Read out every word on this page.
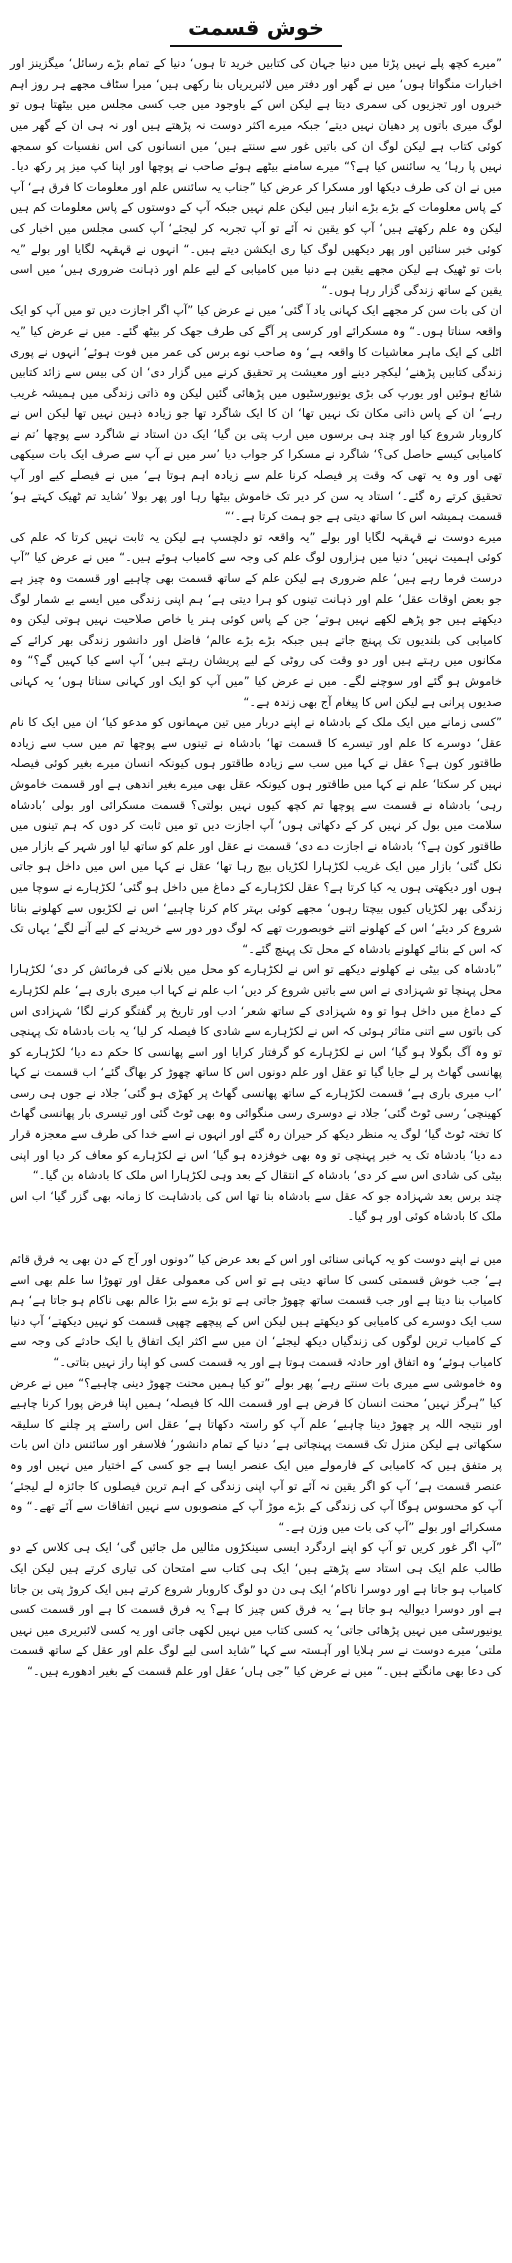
خوش قسمت

”میرے کچھ پلے نہیں پڑتا میں دنیا جہان کی کتابیں خرید تا ہوں‘ دنیا کے تمام بڑے رسائل‘ میگزینز اور اخبارات منگواتا ہوں‘ میں نے گھر اور دفتر میں لائبریریاں بنا رکھی ہیں‘ میرا سٹاف مجھے ہر روز اہم خبروں اور تجزیوں کی سمری دیتا ہے لیکن اس کے باوجود میں جب کسی مجلس میں بیٹھتا ہوں تو لوگ میری باتوں پر دھیان نہیں دیتے‘ جبکہ میرے اکثر دوست نہ پڑھتے ہیں اور نہ ہی ان کے گھر میں کوئی کتاب ہے لیکن لوگ ان کی باتیں غور سے سنتے ہیں‘ میں انسانوں کی اس نفسیات کو سمجھ نہیں پا رہا‘ یہ سائنس کیا ہے؟“ میرے سامنے بیٹھے ہوئے صاحب نے پوچھا اور اپنا کپ میز پر رکھ دیا۔ میں نے ان کی طرف دیکھا اور مسکرا کر عرض کیا ”جناب یہ سائنس علم اور معلومات کا فرق ہے‘ آپ کے پاس معلومات کے بڑے بڑے انبار ہیں لیکن علم نہیں جبکہ آپ کے دوستوں کے پاس معلومات کم ہیں لیکن وہ علم رکھتے ہیں‘ آپ کو یقین نہ آئے تو آپ تجربہ کر لیجئے‘ آپ کسی مجلس میں اخبار کی کوئی خبر سنائیں اور پھر دیکھیں لوگ کیا ری ایکشن دیتے ہیں۔“ انہوں نے قہقہہ لگایا اور بولے ”یہ بات تو ٹھیک ہے لیکن مجھے یقین ہے دنیا میں کامیابی کے لیے علم اور ذہانت ضروری ہیں‘ میں اسی یقین کے ساتھ زندگی گزار رہا ہوں۔“

ان کی بات سن کر مجھے ایک کہانی یاد آ گئی‘ میں نے عرض کیا ”آپ اگر اجازت دیں تو میں آپ کو ایک واقعہ سناتا ہوں۔“ وہ مسکرائے اور کرسی پر آگے کی طرف جھک کر بیٹھ گئے۔ میں نے عرض کیا ”یہ اٹلی کے ایک ماہر معاشیات کا واقعہ ہے‘ وہ صاحب نوے برس کی عمر میں فوت ہوئے‘ انہوں نے پوری زندگی کتابیں پڑھنے‘ لیکچر دینے اور معیشت پر تحقیق کرنے میں گزار دی‘ ان کی بیس سے زائد کتابیں شائع ہوئیں اور یورپ کی بڑی یونیورسٹیوں میں پڑھائی گئیں لیکن وہ ذاتی زندگی میں ہمیشہ غریب رہے‘ ان کے پاس ذاتی مکان تک نہیں تھا‘ ان کا ایک شاگرد تھا جو زیادہ ذہین نہیں تھا لیکن اس نے کاروبار شروع کیا اور چند ہی برسوں میں ارب پتی بن گیا‘ ایک دن استاد نے شاگرد سے پوچھا ’تم نے کامیابی کیسے حاصل کی؟‘ شاگرد نے مسکرا کر جواب دیا ’سر میں نے آپ سے صرف ایک بات سیکھی تھی اور وہ یہ تھی کہ وقت پر فیصلہ کرنا علم سے زیادہ اہم ہوتا ہے‘ میں نے فیصلے کیے اور آپ تحقیق کرتے رہ گئے۔‘ استاد یہ سن کر دیر تک خاموش بیٹھا رہا اور پھر بولا ’شاید تم ٹھیک کہتے ہو‘ قسمت ہمیشہ اس کا ساتھ دیتی ہے جو ہمت کرتا ہے۔‘“

میرے دوست نے قہقہہ لگایا اور بولے ”یہ واقعہ تو دلچسپ ہے لیکن یہ ثابت نہیں کرتا کہ علم کی کوئی اہمیت نہیں‘ دنیا میں ہزاروں لوگ علم کی وجہ سے کامیاب ہوئے ہیں۔“ میں نے عرض کیا ”آپ درست فرما رہے ہیں‘ علم ضروری ہے لیکن علم کے ساتھ قسمت بھی چاہیے اور قسمت وہ چیز ہے جو بعض اوقات عقل‘ علم اور ذہانت تینوں کو ہرا دیتی ہے‘ ہم اپنی زندگی میں ایسے بے شمار لوگ دیکھتے ہیں جو پڑھے لکھے نہیں ہوتے‘ جن کے پاس کوئی ہنر یا خاص صلاحیت نہیں ہوتی لیکن وہ کامیابی کی بلندیوں تک پہنچ جاتے ہیں جبکہ بڑے بڑے عالم‘ فاضل اور دانشور زندگی بھر کرائے کے مکانوں میں رہتے ہیں اور دو وقت کی روٹی کے لیے پریشان رہتے ہیں‘ آپ اسے کیا کہیں گے؟“ وہ خاموش ہو گئے اور سوچنے لگے۔ میں نے عرض کیا ”میں آپ کو ایک اور کہانی سناتا ہوں‘ یہ کہانی صدیوں پرانی ہے لیکن اس کا پیغام آج بھی زندہ ہے۔“

”کسی زمانے میں ایک ملک کے بادشاہ نے اپنے دربار میں تین مہمانوں کو مدعو کیا‘ ان میں ایک کا نام عقل‘ دوسرے کا علم اور تیسرے کا قسمت تھا‘ بادشاہ نے تینوں سے پوچھا تم میں سب سے زیادہ طاقتور کون ہے؟ عقل نے کہا میں سب سے زیادہ طاقتور ہوں کیونکہ انسان میرے بغیر کوئی فیصلہ نہیں کر سکتا‘ علم نے کہا میں طاقتور ہوں کیونکہ عقل بھی میرے بغیر اندھی ہے اور قسمت خاموش رہی‘ بادشاہ نے قسمت سے پوچھا تم کچھ کیوں نہیں بولتی؟ قسمت مسکرائی اور بولی ’بادشاہ سلامت میں بول کر نہیں کر کے دکھاتی ہوں‘ آپ اجازت دیں تو میں ثابت کر دوں کہ ہم تینوں میں طاقتور کون ہے؟‘ بادشاہ نے اجازت دے دی‘ قسمت نے عقل اور علم کو ساتھ لیا اور شہر کے بازار میں نکل گئی‘ بازار میں ایک غریب لکڑہارا لکڑیاں بیچ رہا تھا‘ عقل نے کہا میں اس میں داخل ہو جاتی ہوں اور دیکھتی ہوں یہ کیا کرتا ہے؟ عقل لکڑہارے کے دماغ میں داخل ہو گئی‘ لکڑہارے نے سوچا میں زندگی بھر لکڑیاں کیوں بیچتا رہوں‘ مجھے کوئی بہتر کام کرنا چاہیے‘ اس نے لکڑیوں سے کھلونے بنانا شروع کر دیئے‘ اس کے کھلونے اتنے خوبصورت تھے کہ لوگ دور دور سے خریدنے کے لیے آنے لگے‘ یہاں تک کہ اس کے بنائے کھلونے بادشاہ کے محل تک پہنچ گئے۔“

”بادشاہ کی بیٹی نے کھلونے دیکھے تو اس نے لکڑہارے کو محل میں بلانے کی فرمائش کر دی‘ لکڑہارا محل پہنچا تو شہزادی نے اس سے باتیں شروع کر دیں‘ اب علم نے کہا اب میری باری ہے‘ علم لکڑہارے کے دماغ میں داخل ہوا تو وہ شہزادی کے ساتھ شعر‘ ادب اور تاریخ پر گفتگو کرنے لگا‘ شہزادی اس کی باتوں سے اتنی متاثر ہوئی کہ اس نے لکڑہارے سے شادی کا فیصلہ کر لیا‘ یہ بات بادشاہ تک پہنچی تو وہ آگ بگولا ہو گیا‘ اس نے لکڑہارے کو گرفتار کرایا اور اسے پھانسی کا حکم دے دیا‘ لکڑہارے کو پھانسی گھاٹ پر لے جایا گیا تو عقل اور علم دونوں اس کا ساتھ چھوڑ کر بھاگ گئے‘ اب قسمت نے کہا ’اب میری باری ہے‘ قسمت لکڑہارے کے ساتھ پھانسی گھاٹ پر کھڑی ہو گئی‘ جلاد نے جوں ہی رسی کھینچی‘ رسی ٹوٹ گئی‘ جلاد نے دوسری رسی منگوائی وہ بھی ٹوٹ گئی اور تیسری بار پھانسی گھاٹ کا تختہ ٹوٹ گیا‘ لوگ یہ منظر دیکھ کر حیران رہ گئے اور انہوں نے اسے خدا کی طرف سے معجزہ قرار دے دیا‘ بادشاہ تک یہ خبر پہنچی تو وہ بھی خوفزدہ ہو گیا‘ اس نے لکڑہارے کو معاف کر دیا اور اپنی بیٹی کی شادی اس سے کر دی‘ بادشاہ کے انتقال کے بعد وہی لکڑہارا اس ملک کا بادشاہ بن گیا۔“

چند برس بعد شہزادہ جو کہ عقل سے بادشاہ بنا تھا اس کی بادشاہت کا زمانہ بھی گزر گیا‘ اب اس ملک کا بادشاہ کوئی اور ہو گیا۔

میں نے اپنے دوست کو یہ کہانی سنائی اور اس کے بعد عرض کیا ”دونوں اور آج کے دن بھی یہ فرق قائم ہے‘ جب خوش قسمتی کسی کا ساتھ دیتی ہے تو اس کی معمولی عقل اور تھوڑا سا علم بھی اسے کامیاب بنا دیتا ہے اور جب قسمت ساتھ چھوڑ جاتی ہے تو بڑے سے بڑا عالم بھی ناکام ہو جاتا ہے‘ ہم سب ایک دوسرے کی کامیابی کو دیکھتے ہیں لیکن اس کے پیچھے چھپی قسمت کو نہیں دیکھتے‘ آپ دنیا کے کامیاب ترین لوگوں کی زندگیاں دیکھ لیجئے‘ ان میں سے اکثر ایک اتفاق یا ایک حادثے کی وجہ سے کامیاب ہوئے‘ وہ اتفاق اور حادثہ قسمت ہوتا ہے اور یہ قسمت کسی کو اپنا راز نہیں بتاتی۔“

وہ خاموشی سے میری بات سنتے رہے‘ پھر بولے ”تو کیا ہمیں محنت چھوڑ دینی چاہیے؟“ میں نے عرض کیا ”ہرگز نہیں‘ محنت انسان کا فرض ہے اور قسمت اللہ کا فیصلہ‘ ہمیں اپنا فرض پورا کرنا چاہیے اور نتیجہ اللہ پر چھوڑ دینا چاہیے‘ علم آپ کو راستہ دکھاتا ہے‘ عقل اس راستے پر چلنے کا سلیقہ سکھاتی ہے لیکن منزل تک قسمت پہنچاتی ہے‘ دنیا کے تمام دانشور‘ فلاسفر اور سائنس دان اس بات پر متفق ہیں کہ کامیابی کے فارمولے میں ایک عنصر ایسا ہے جو کسی کے اختیار میں نہیں اور وہ عنصر قسمت ہے‘ آپ کو اگر یقین نہ آئے تو آپ اپنی زندگی کے اہم ترین فیصلوں کا جائزہ لے لیجئے‘ آپ کو محسوس ہوگا آپ کی زندگی کے بڑے موڑ آپ کے منصوبوں سے نہیں اتفاقات سے آئے تھے۔“ وہ مسکرائے اور بولے ”آپ کی بات میں وزن ہے۔“

”آپ اگر غور کریں تو آپ کو اپنے اردگرد ایسی سینکڑوں مثالیں مل جائیں گی‘ ایک ہی کلاس کے دو طالب علم ایک ہی استاد سے پڑھتے ہیں‘ ایک ہی کتاب سے امتحان کی تیاری کرتے ہیں لیکن ایک کامیاب ہو جاتا ہے اور دوسرا ناکام‘ ایک ہی دن دو لوگ کاروبار شروع کرتے ہیں ایک کروڑ پتی بن جاتا ہے اور دوسرا دیوالیہ ہو جاتا ہے‘ یہ فرق کس چیز کا ہے؟ یہ فرق قسمت کا ہے اور قسمت کسی یونیورسٹی میں نہیں پڑھائی جاتی‘ یہ کسی کتاب میں نہیں لکھی جاتی اور یہ کسی لائبریری میں نہیں ملتی‘ میرے دوست نے سر ہلایا اور آہستہ سے کہا ”شاید اسی لیے لوگ علم اور عقل کے ساتھ قسمت کی دعا بھی مانگتے ہیں۔“ میں نے عرض کیا ”جی ہاں‘ عقل اور علم قسمت کے بغیر ادھورے ہیں۔“
